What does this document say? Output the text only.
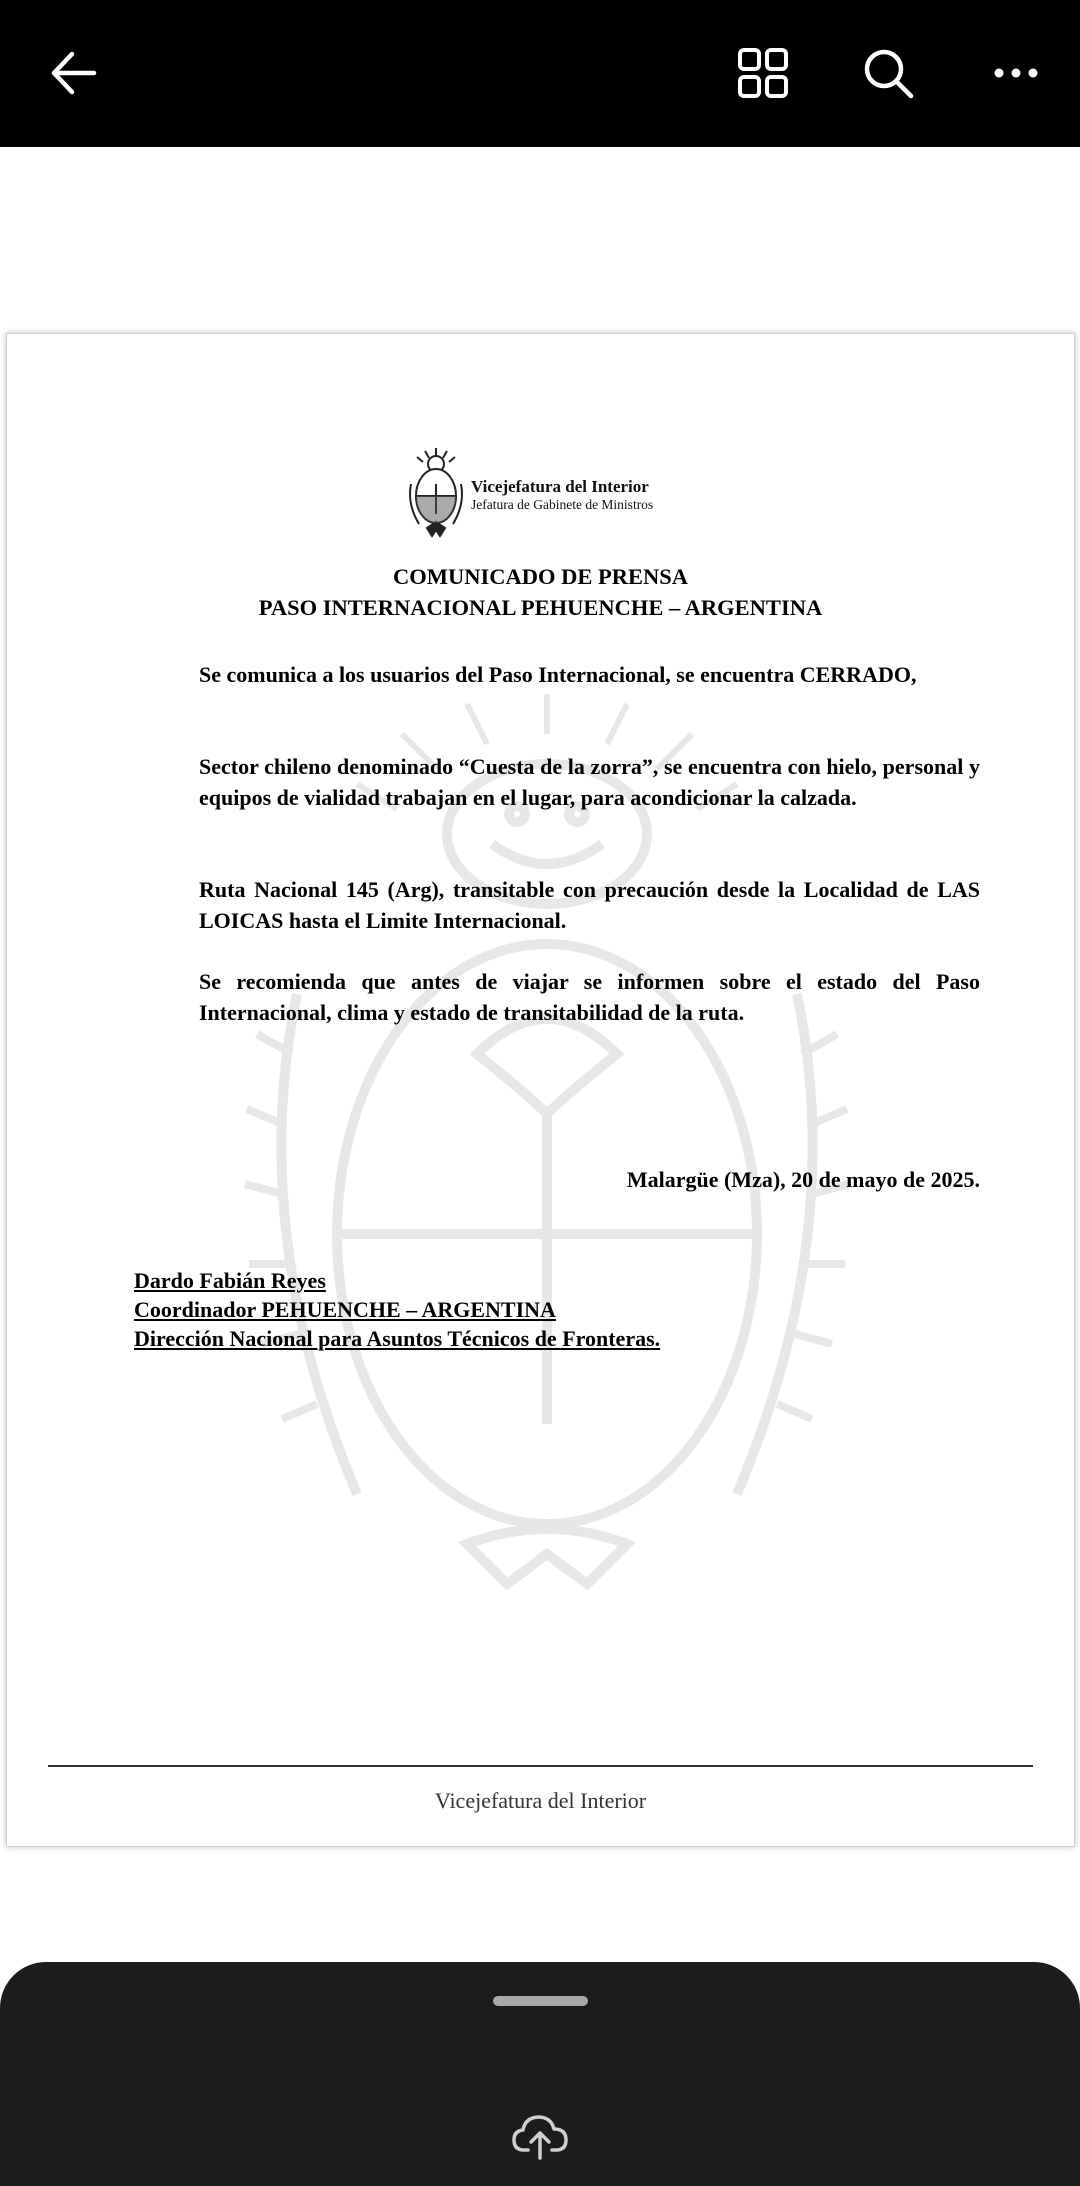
Vicejefatura del Interior
Jefatura de Gabinete de Ministros
COMUNICADO DE PRENSA
PASO INTERNACIONAL PEHUENCHE – ARGENTINA

Se comunica a los usuarios del Paso Internacional, se encuentra CERRADO,

Sector chileno denominado “Cuesta de la zorra”, se encuentra con hielo, personal y equipos de vialidad trabajan en el lugar, para acondicionar la calzada.

Ruta Nacional 145 (Arg), transitable con precaución desde la Localidad de LAS LOICAS hasta el Limite Internacional.

Se recomienda que antes de viajar se informen sobre el estado del Paso Internacional, clima y estado de transitabilidad de la ruta.

Malargüe (Mza), 20 de mayo de 2025.
Dardo Fabián Reyes
Coordinador PEHUENCHE – ARGENTINA
Dirección Nacional para Asuntos Técnicos de Fronteras.
Vicejefatura del Interior
